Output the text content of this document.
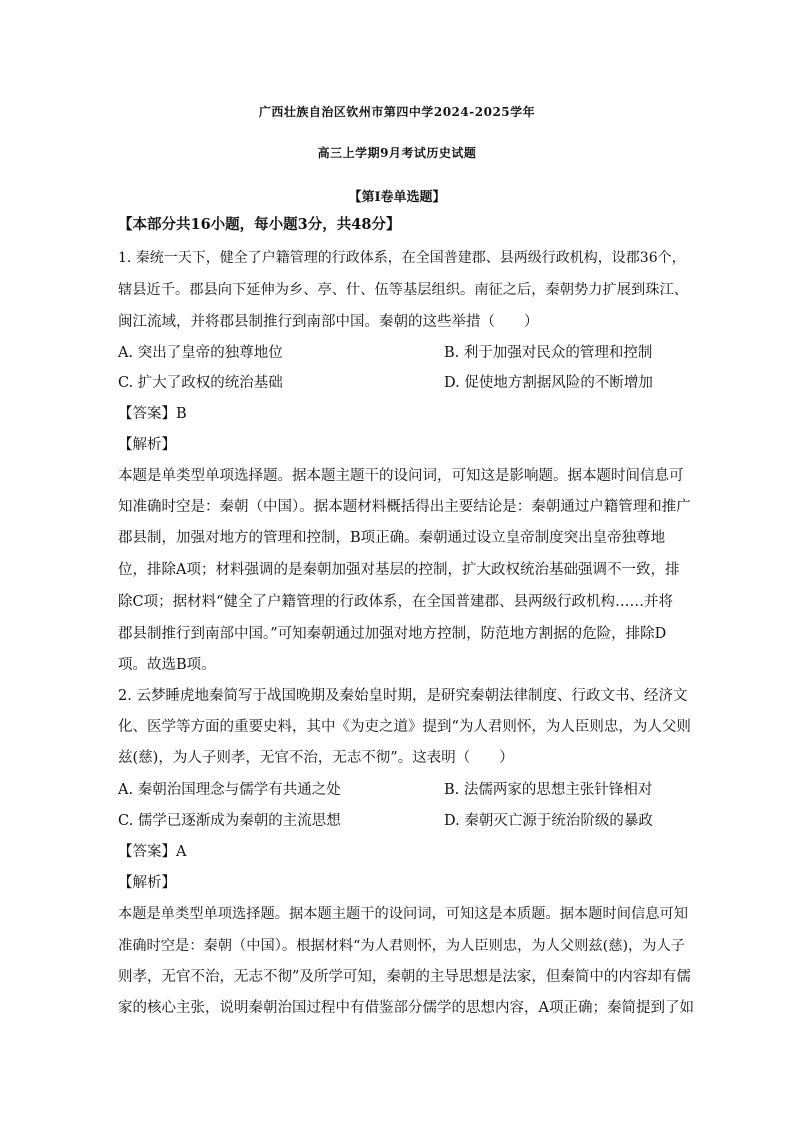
广西壮族自治区钦州市第四中学2024-2025学年
高三上学期9月考试历史试题
【第I卷单选题】
【本部分共16小题，每小题3分，共48分】
1. 秦统一天下，健全了户籍管理的行政体系，在全国普建郡、县两级行政机构，设郡36个，
辖县近千。郡县向下延伸为乡、亭、什、伍等基层组织。南征之后，秦朝势力扩展到珠江、
闽江流域，并将郡县制推行到南部中国。秦朝的这些举措（　　）
A. 突出了皇帝的独尊地位	B. 利于加强对民众的管理和控制
C. 扩大了政权的统治基础	D. 促使地方割据风险的不断增加
【答案】B
【解析】
本题是单类型单项选择题。据本题主题干的设问词，可知这是影响题。据本题时间信息可
知准确时空是：秦朝（中国）。据本题材料概括得出主要结论是：秦朝通过户籍管理和推广
郡县制，加强对地方的管理和控制，B项正确。秦朝通过设立皇帝制度突出皇帝独尊地
位，排除A项；材料强调的是秦朝加强对基层的控制，扩大政权统治基础强调不一致，排
除C项；据材料“健全了户籍管理的行政体系，在全国普建郡、县两级行政机构……并将
郡县制推行到南部中国。”可知秦朝通过加强对地方控制，防范地方割据的危险，排除D
项。故选B项。
2. 云梦睡虎地秦简写于战国晚期及秦始皇时期，是研究秦朝法律制度、行政文书、经济文
化、医学等方面的重要史料，其中《为吏之道》提到“为人君则怀，为人臣则忠，为人父则
兹(慈)，为人子则孝，无官不治，无志不彻”。这表明（　　）
A. 秦朝治国理念与儒学有共通之处	B. 法儒两家的思想主张针锋相对
C. 儒学已逐渐成为秦朝的主流思想	D. 秦朝灭亡源于统治阶级的暴政
【答案】A
【解析】
本题是单类型单项选择题。据本题主题干的设问词，可知这是本质题。据本题时间信息可知
准确时空是：秦朝（中国）。根据材料“为人君则怀，为人臣则忠，为人父则兹(慈)，为人子
则孝，无官不治，无志不彻”及所学可知，秦朝的主导思想是法家，但秦简中的内容却有儒
家的核心主张，说明秦朝治国过程中有借鉴部分儒学的思想内容，A项正确；秦简提到了如
